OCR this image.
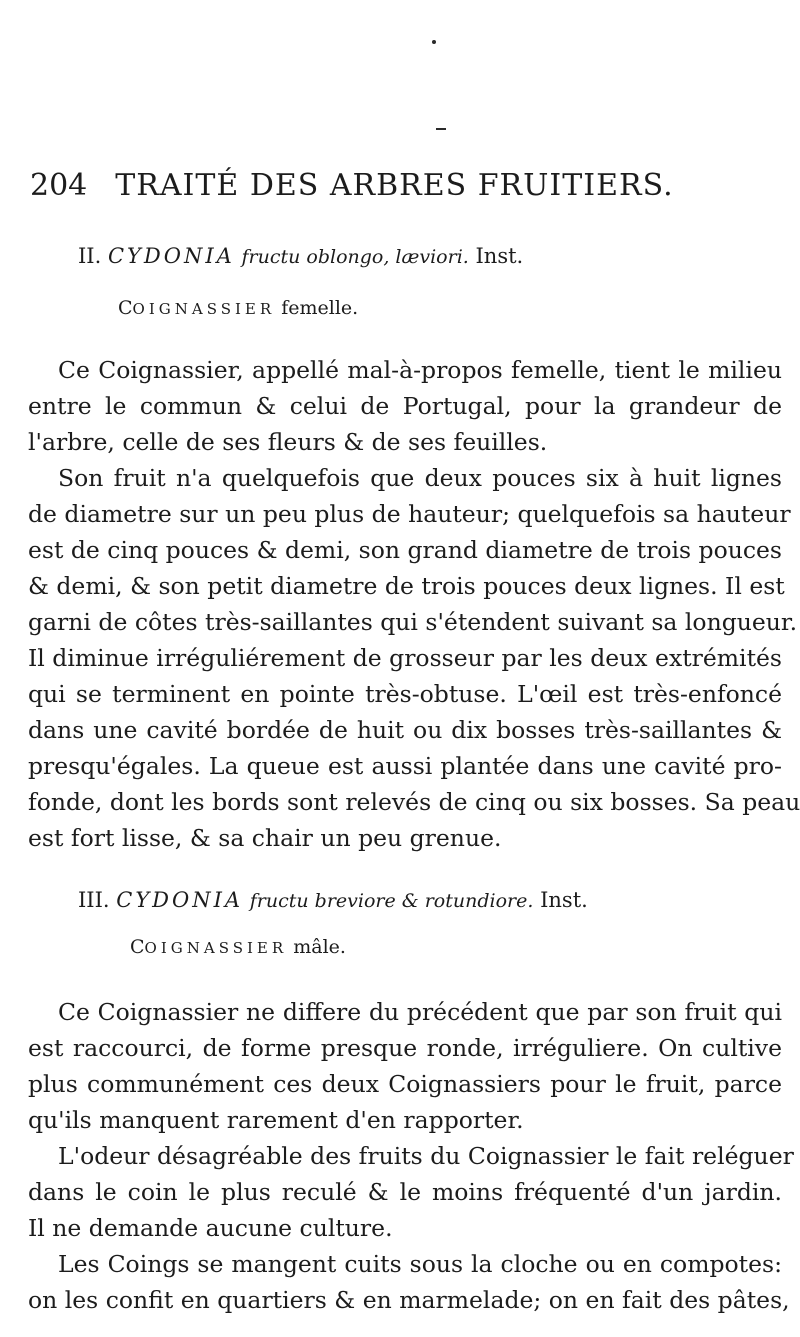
204 TRAITÉ DES ARBRES FRUITIERS.
II. CYDONIA fructu oblongo, læviori. Inst.
COIGNASSIER femelle.
Ce Coignassier, appellé mal-à-propos femelle, tient le milieu
entre le commun & celui de Portugal, pour la grandeur de
l'arbre, celle de ses fleurs & de ses feuilles.
Son fruit n'a quelquefois que deux pouces six à huit lignes
de diametre sur un peu plus de hauteur; quelquefois sa hauteur
est de cinq pouces & demi, son grand diametre de trois pouces
& demi, & son petit diametre de trois pouces deux lignes. Il est
garni de côtes très-saillantes qui s'étendent suivant sa longueur.
Il diminue irréguliérement de grosseur par les deux extrémités
qui se terminent en pointe très-obtuse. L'œil est très-enfoncé
dans une cavité bordée de huit ou dix bosses très-saillantes &
presqu'égales. La queue est aussi plantée dans une cavité pro-
fonde, dont les bords sont relevés de cinq ou six bosses. Sa peau
est fort lisse, & sa chair un peu grenue.
III. CYDONIA fructu breviore & rotundiore. Inst.
COIGNASSIER mâle.
Ce Coignassier ne differe du précédent que par son fruit qui
est raccourci, de forme presque ronde, irréguliere. On cultive
plus communément ces deux Coignassiers pour le fruit, parce
qu'ils manquent rarement d'en rapporter.
L'odeur désagréable des fruits du Coignassier le fait reléguer
dans le coin le plus reculé & le moins fréquenté d'un jardin.
Il ne demande aucune culture.
Les Coings se mangent cuits sous la cloche ou en compotes:
on les confit en quartiers & en marmelade; on en fait des pâtes,
